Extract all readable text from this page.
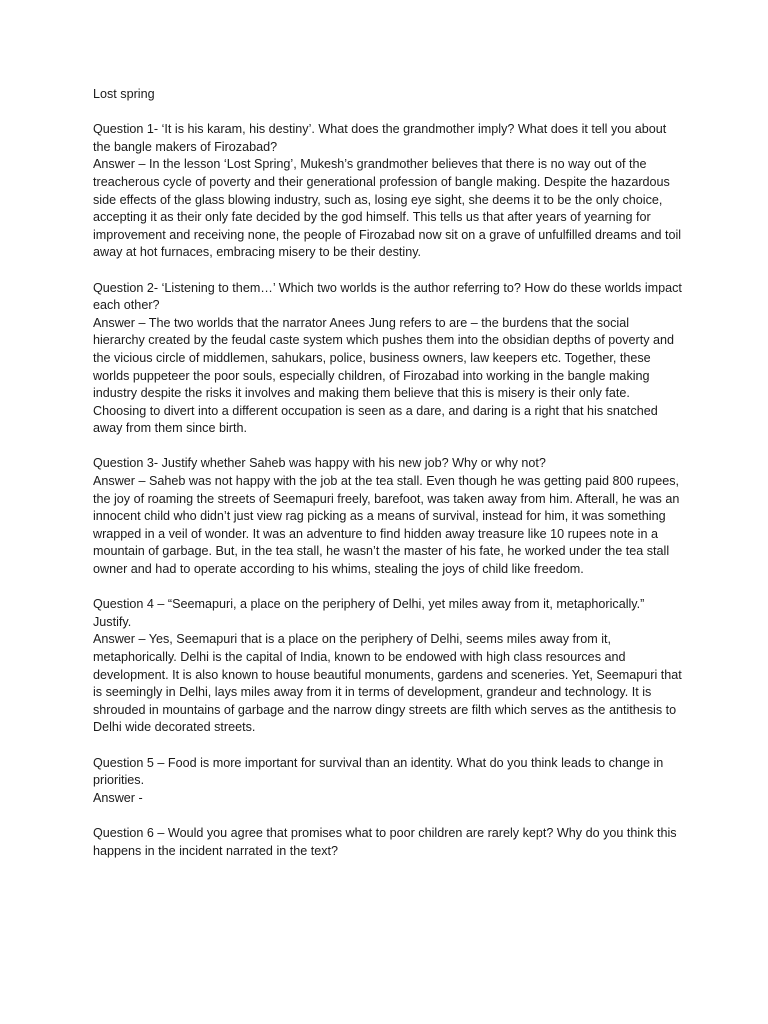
Lost spring

Question 1- ‘It is his karam, his destiny’. What does the grandmother imply? What does it tell you about the bangle makers of Firozabad?

Answer – In the lesson ‘Lost Spring’, Mukesh’s grandmother believes that there is no way out of the treacherous cycle of poverty and their generational profession of bangle making. Despite the hazardous side effects of the glass blowing industry, such as, losing eye sight, she deems it to be the only choice, accepting it as their only fate decided by the god himself. This tells us that after years of yearning for improvement and receiving none, the people of Firozabad now sit on a grave of unfulfilled dreams and toil away at hot furnaces, embracing misery to be their destiny.

Question 2- ‘Listening to them…’ Which two worlds is the author referring to? How do these worlds impact each other?

Answer – The two worlds that the narrator Anees Jung refers to are – the burdens that the social hierarchy created by the feudal caste system which pushes them into the obsidian depths of poverty and the vicious circle of middlemen, sahukars, police, business owners, law keepers etc. Together, these worlds puppeteer the poor souls, especially children, of Firozabad into working in the bangle making industry despite the risks it involves and making them believe that this is misery is their only fate. Choosing to divert into a different occupation is seen as a dare, and daring is a right that his snatched away from them since birth.

Question 3- Justify whether Saheb was happy with his new job? Why or why not?

Answer – Saheb was not happy with the job at the tea stall. Even though he was getting paid 800 rupees, the joy of roaming the streets of Seemapuri freely, barefoot, was taken away from him. Afterall, he was an innocent child who didn’t just view rag picking as a means of survival, instead for him, it was something wrapped in a veil of wonder. It was an adventure to find hidden away treasure like 10 rupees note in a mountain of garbage. But, in the tea stall, he wasn’t the master of his fate, he worked under the tea stall owner and had to operate according to his whims, stealing the joys of child like freedom.

Question 4 – “Seemapuri, a place on the periphery of Delhi, yet miles away from it, metaphorically.” Justify.

Answer – Yes, Seemapuri that is a place on the periphery of Delhi, seems miles away from it, metaphorically. Delhi is the capital of India, known to be endowed with high class resources and development. It is also known to house beautiful monuments, gardens and sceneries. Yet, Seemapuri that is seemingly in Delhi, lays miles away from it in terms of development, grandeur and technology. It is shrouded in mountains of garbage and the narrow dingy streets are filth which serves as the antithesis to Delhi wide decorated streets.

Question 5 – Food is more important for survival than an identity. What do you think leads to change in priorities.

Answer -

Question 6 – Would you agree that promises what to poor children are rarely kept? Why do you think this happens in the incident narrated in the text?
